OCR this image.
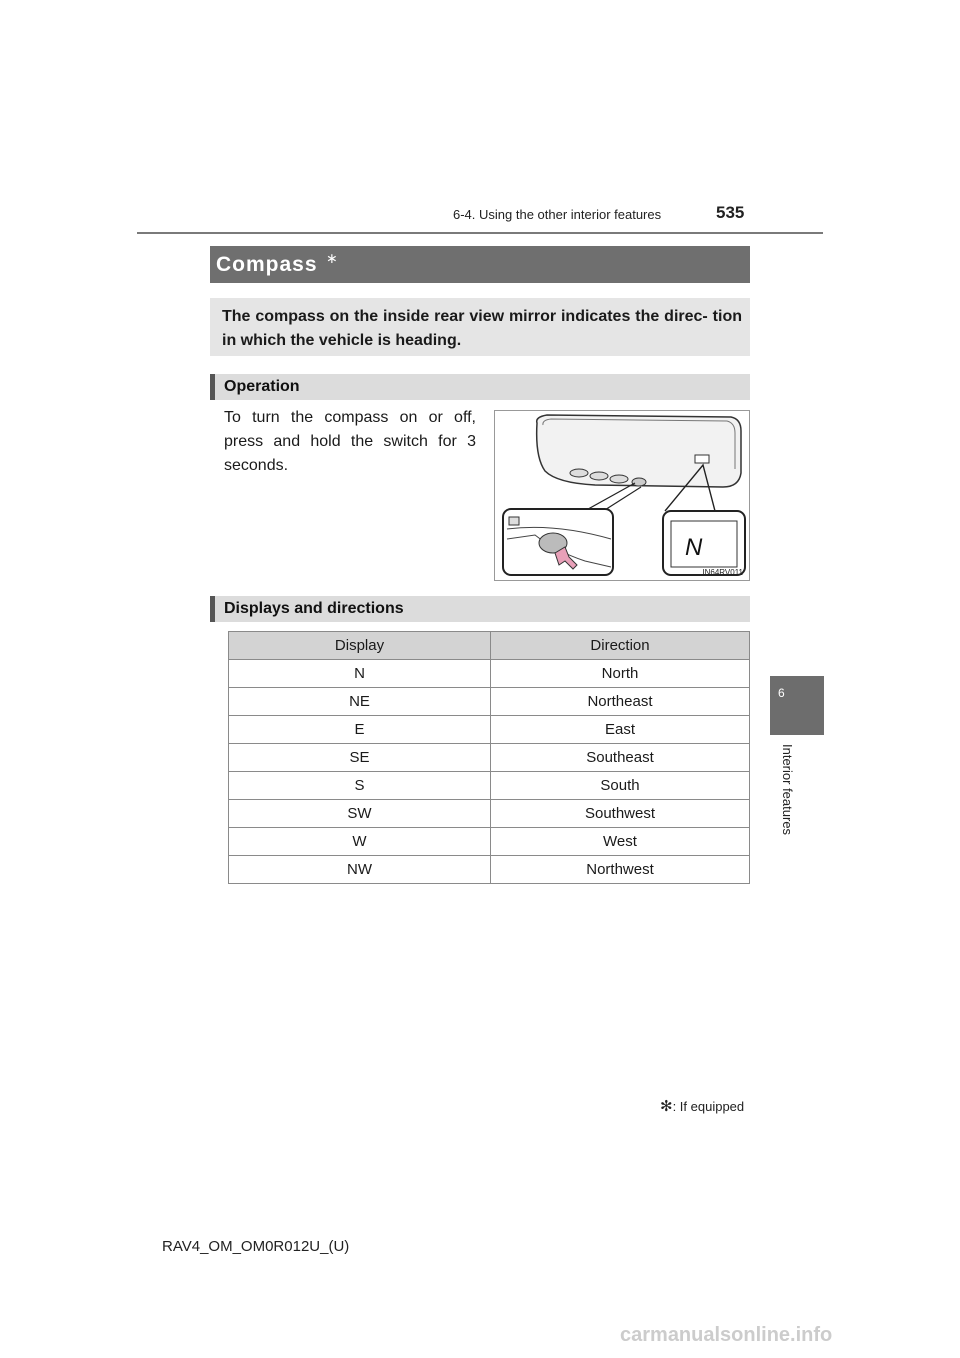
6-4. Using the other interior features	535
6
Interior features
Compass ∗
The compass on the inside rear view mirror indicates the direc- tion in which the vehicle is heading.
Operation
To turn the compass on or off, press and hold the switch for 3 seconds.
N
IN64RV011
Displays and directions
Display	Direction
N	North
NE	Northeast
E	East
SE	Southeast
S	South
SW	Southwest
W	West
NW	Northwest
✻: If equipped
RAV4_OM_OM0R012U_(U)
carmanualsonline.info
